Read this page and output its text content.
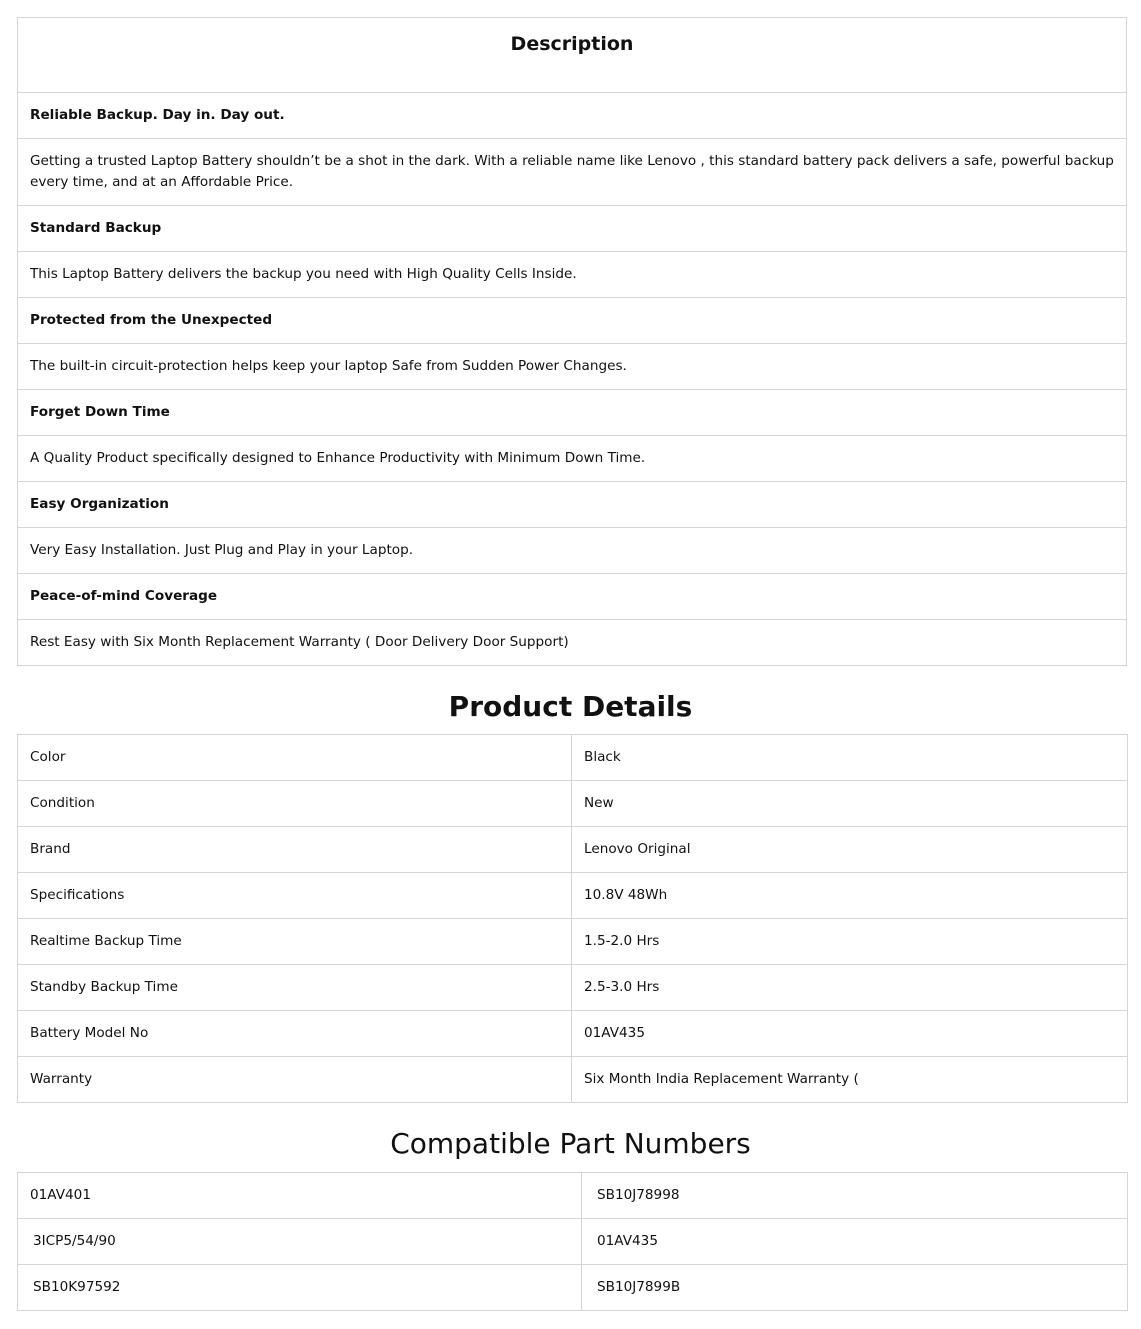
Description
Reliable Backup. Day in. Day out.
Getting a trusted Laptop Battery shouldn’t be a shot in the dark. With a reliable name like Lenovo , this standard battery pack delivers a safe, powerful backup every time, and at an Affordable Price.
Standard Backup
This Laptop Battery delivers the backup you need with High Quality Cells Inside.
Protected from the Unexpected
The built-in circuit-protection helps keep your laptop Safe from Sudden Power Changes.
Forget Down Time
A Quality Product specifically designed to Enhance Productivity with Minimum Down Time.
Easy Organization
Very Easy Installation. Just Plug and Play in your Laptop.
Peace-of-mind Coverage
Rest Easy with Six Month Replacement Warranty ( Door Delivery Door Support)
Product Details
Color	Black
Condition	New
Brand	Lenovo Original
Specifications	10.8V 48Wh
Realtime Backup Time	1.5-2.0 Hrs
Standby Backup Time	2.5-3.0 Hrs
Battery Model No	01AV435
Warranty	Six Month India Replacement Warranty (
Compatible Part Numbers
01AV401	SB10J78998
3ICP5/54/90	01AV435
SB10K97592	SB10J7899B
